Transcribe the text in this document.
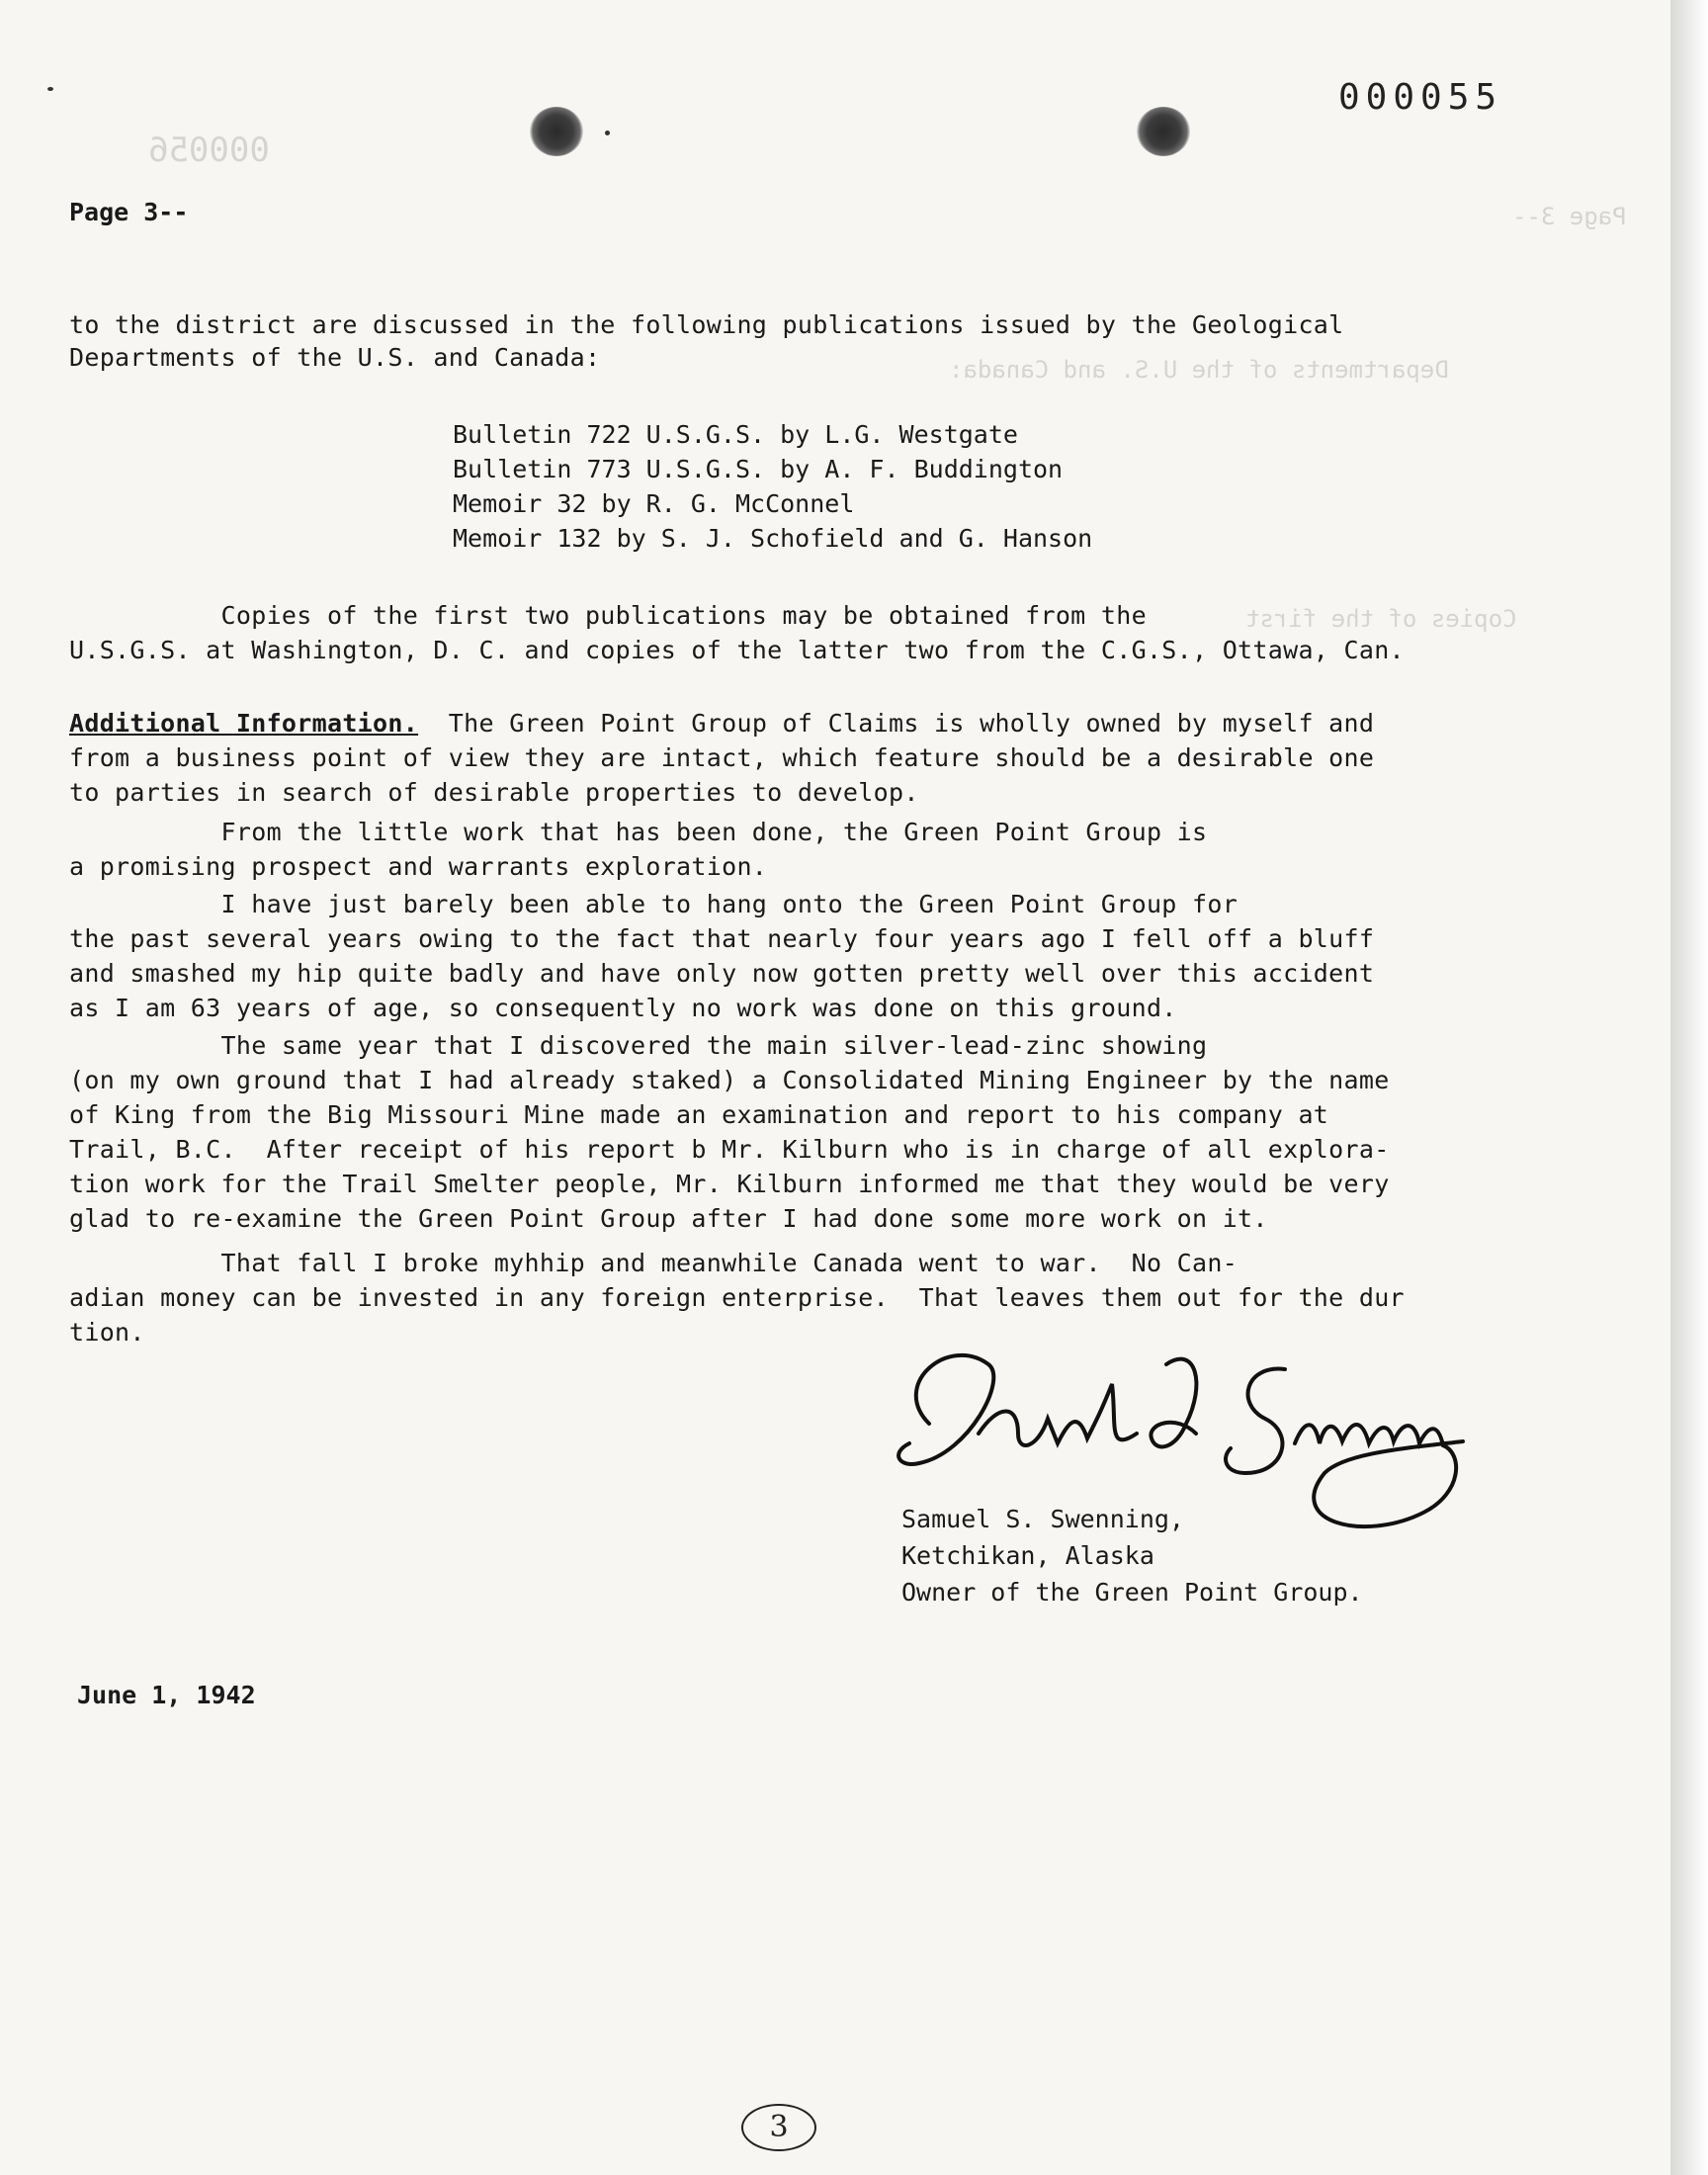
000056
Page 3--
Departments of the U.S. and Canada:
Copies of the first

000055

Page 3--

to the district are discussed in the following publications issued by the Geological

Departments of the U.S. and Canada:

Bulletin 722 U.S.G.S. by L.G. Westgate
Bulletin 773 U.S.G.S. by A. F. Buddington
Memoir 32 by R. G. McConnel
Memoir 132 by S. J. Schofield and G. Hanson

Copies of the first two publications may be obtained from the

U.S.G.S. at Washington, D. C. and copies of the latter two from the C.G.S., Ottawa, Can.

Additional Information.  The Green Point Group of Claims is wholly owned by myself and

from a business point of view they are intact, which feature should be a desirable one

to parties in search of desirable properties to develop.

From the little work that has been done, the Green Point Group is

a promising prospect and warrants exploration.

I have just barely been able to hang onto the Green Point Group for

the past several years owing to the fact that nearly four years ago I fell off a bluff

and smashed my hip quite badly and have only now gotten pretty well over this accident

as I am 63 years of age, so consequently no work was done on this ground.

The same year that I discovered the main silver-lead-zinc showing

(on my own ground that I had already staked) a Consolidated Mining Engineer by the name

of King from the Big Missouri Mine made an examination and report to his company at

Trail, B.C.  After receipt of his report b Mr. Kilburn who is in charge of all explora-

tion work for the Trail Smelter people, Mr. Kilburn informed me that they would be very

glad to re-examine the Green Point Group after I had done some more work on it.

That fall I broke myhhip and meanwhile Canada went to war.  No Can-

adian money can be invested in any foreign enterprise.  That leaves them out for the dur

tion.

Samuel S. Swenning,
Ketchikan, Alaska
Owner of the Green Point Group.

June 1, 1942

3
